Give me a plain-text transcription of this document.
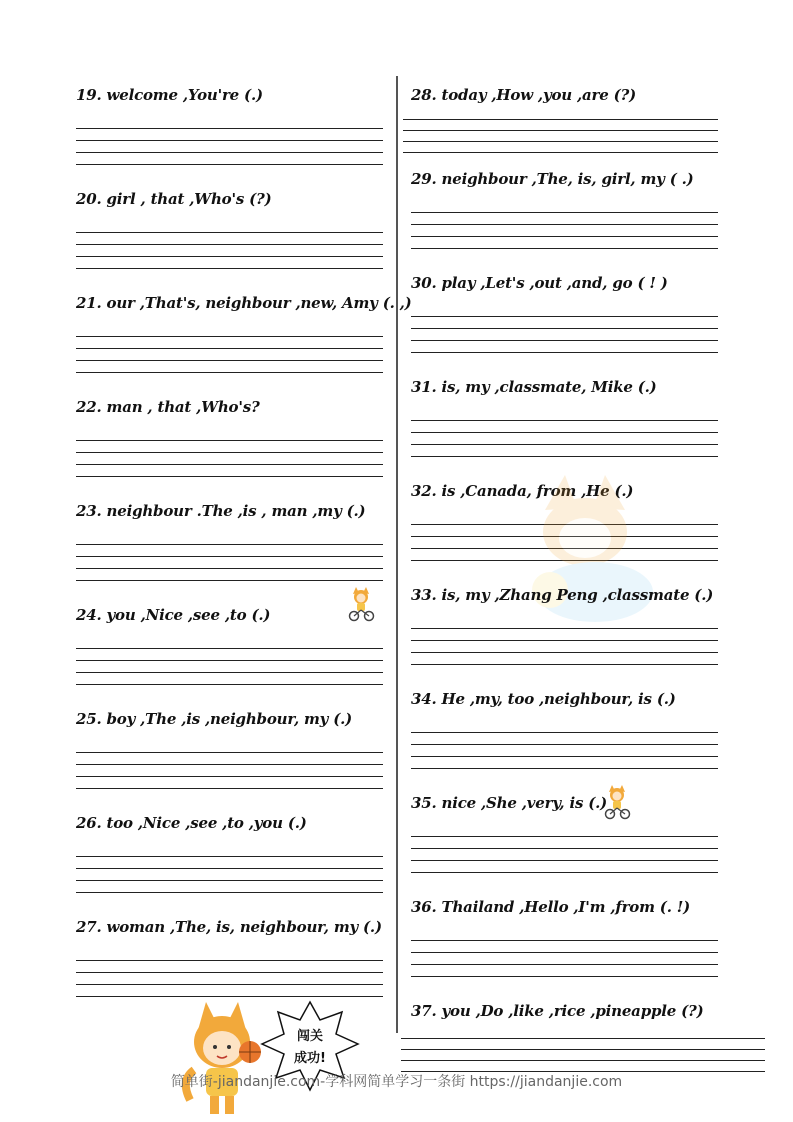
19. welcome ,You're (.)
20. girl , that ,Who's (?)
21. our ,That's, neighbour ,new, Amy (. ,)
22. man , that ,Who's?
23. neighbour .The ,is , man ,my (.)
24. you ,Nice ,see ,to (.)
25. boy ,The ,is ,neighbour, my (.)
26. too ,Nice ,see ,to ,you (.)
27. woman ,The, is, neighbour, my (.)
28. today ,How ,you ,are (?)
29. neighbour ,The, is, girl, my ( .)
30. play ,Let's ,out ,and, go ( ! )
31. is, my ,classmate, Mike (.)
32. is ,Canada, from ,He (.)
33. is, my ,Zhang Peng ,classmate (.)
34. He ,my, too ,neighbour, is (.)
35. nice ,She ,very, is (.)
36. Thailand ,Hello ,I'm ,from (. !)
37. you ,Do ,like ,rice ,pineapple (?)
闯关
成功!
简单街-jiandanjie.com-学科网简单学习一条街 https://jiandanjie.com
